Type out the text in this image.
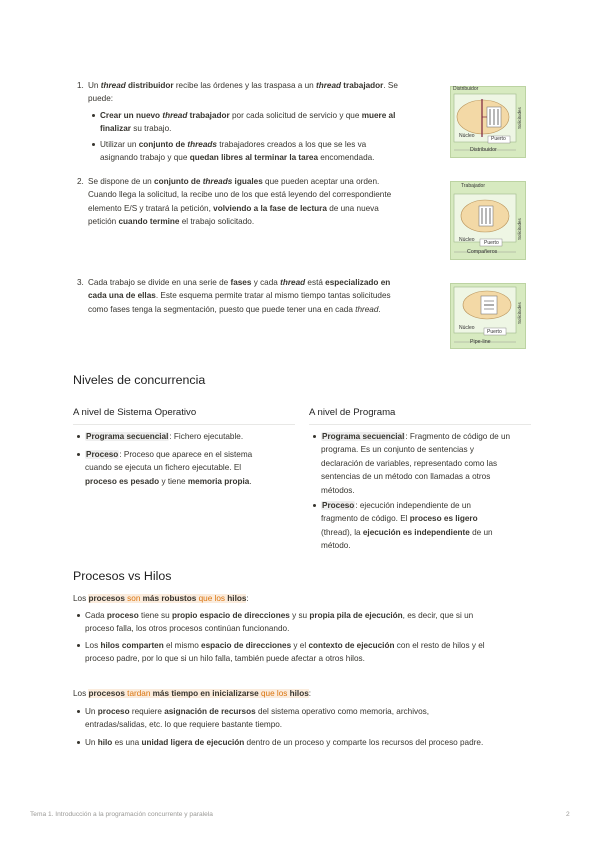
1. Un thread distribuidor recibe las órdenes y las traspasa a un thread trabajador. Se
puede:
Crear un nuevo thread trabajador por cada solicitud de servicio y que muere al
finalizar su trabajo.
Utilizar un conjunto de threads trabajadores creados a los que se les va
asignando trabajo y que quedan libres al terminar la tarea encomendada.
2. Se dispone de un conjunto de threads iguales que pueden aceptar una orden.
Cuando llega la solicitud, la recibe uno de los que está leyendo del correspondiente
elemento E/S y tratará la petición, volviendo a la fase de lectura de una nueva
petición cuando termine el trabajo solicitado.
3. Cada trabajo se divide en una serie de fases y cada thread está especializado en
cada una de ellas. Este esquema permite tratar al mismo tiempo tantas solicitudes
como fases tenga la segmentación, puesto que puede tener una en cada thread.
Distribuidor
Núcleo	Puerto
Solicitudes
Distribuidor
Trabajador
Núcleo Puerto
Solicitudes
Compañeros
Núcleo
Puerto
Solicitudes
Pipe-line
Niveles de concurrencia
A nivel de Sistema Operativo	A nivel de Programa
Programa secuencial: Fichero ejecutable.
Proceso: Proceso que aparece en el sistema
cuando se ejecuta un fichero ejecutable. El
proceso es pesado y tiene memoria propia.
Programa secuencial: Fragmento de código de un
programa. Es un conjunto de sentencias y
declaración de variables, representado como las
sentencias de un método con llamadas a otros
métodos.
Proceso: ejecución independiente de un
fragmento de código. El proceso es ligero
(thread), la ejecución es independiente de un
método.
Procesos vs Hilos
Los procesos son más robustos que los hilos:
Cada proceso tiene su propio espacio de direcciones y su propia pila de ejecución, es decir, que si un
proceso falla, los otros procesos continúan funcionando.
Los hilos comparten el mismo espacio de direcciones y el contexto de ejecución con el resto de hilos y el
proceso padre, por lo que si un hilo falla, también puede afectar a otros hilos.
Los procesos tardan más tiempo en inicializarse que los hilos:
Un proceso requiere asignación de recursos del sistema operativo como memoria, archivos,
entradas/salidas, etc. lo que requiere bastante tiempo.
Un hilo es una unidad ligera de ejecución dentro de un proceso y comparte los recursos del proceso padre.
Tema 1. Introducción a la programación concurrente y paralela	2
